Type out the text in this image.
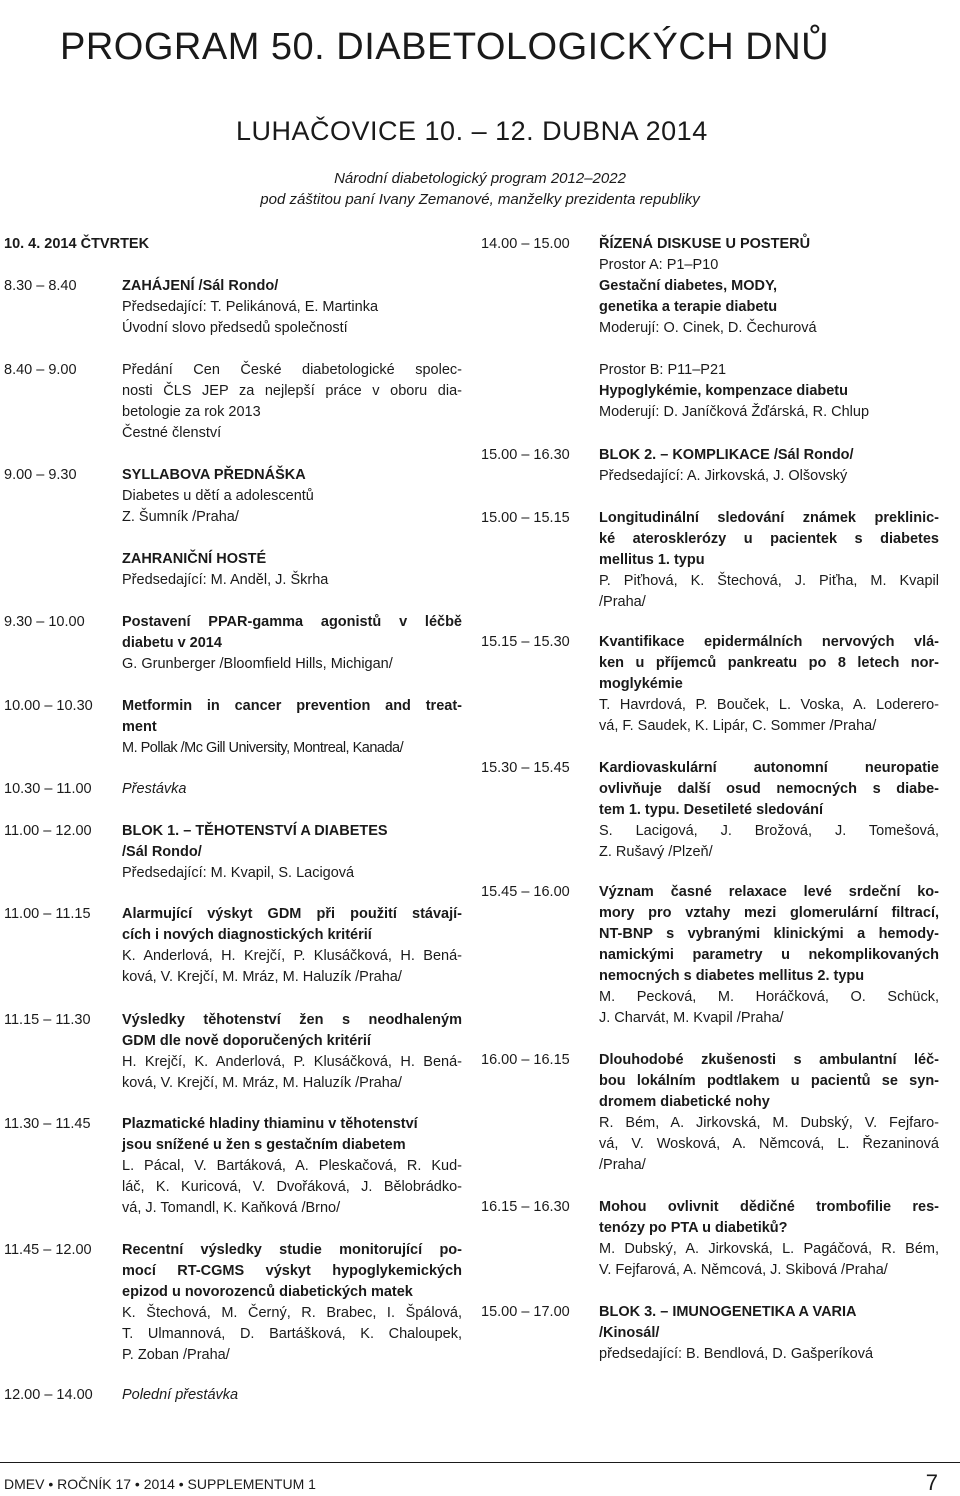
PROGRAM 50. DIABETOLOGICKÝCH DNŮ
LUHAČOVICE 10. – 12. DUBNA 2014
Národní diabetologický program 2012–2022
pod záštitou paní Ivany Zemanové, manželky prezidenta republiky
10. 4. 2014 ČTVRTEK
8.30 – 8.40	ZAHÁJENÍ /Sál Rondo/
Předsedající: T. Pelikánová, E. Martinka
Úvodní slovo předsedů společností
8.40 – 9.00	Předání Cen České diabetologické spolec-
nosti ČLS JEP za nejlepší práce v oboru dia-
betologie za rok 2013
Čestné členství
9.00 – 9.30	SYLLABOVA PŘEDNÁŠKA
Diabetes u dětí a adolescentů
Z. Šumník /Praha/
ZAHRANIČNÍ HOSTÉ
Předsedající: M. Anděl, J. Škrha
9.30 – 10.00	Postavení PPAR-gamma agonistů v léčbě
diabetu v 2014
G. Grunberger /Bloomfield Hills, Michigan/
10.00 – 10.30	Metformin in cancer prevention and treat-
ment
M. Pollak /Mc Gill University, Montreal, Kanada/
10.30 – 11.00	Přestávka
11.00 – 12.00	BLOK 1. – TĚHOTENSTVÍ A DIABETES
/Sál Rondo/
Předsedající: M. Kvapil, S. Lacigová
11.00 – 11.15	Alarmující výskyt GDM při použití stávají-
cích i nových diagnostických kritérií
K. Anderlová, H. Krejčí, P. Klusáčková, H. Bená-
ková, V. Krejčí, M. Mráz, M. Haluzík /Praha/
11.15 – 11.30	Výsledky těhotenství žen s neodhaleným
GDM dle nově doporučených kritérií
H. Krejčí, K. Anderlová, P. Klusáčková, H. Bená-
ková, V. Krejčí, M. Mráz, M. Haluzík /Praha/
11.30 – 11.45	Plazmatické hladiny thiaminu v těhotenství
jsou snížené u žen s gestačním diabetem
L. Pácal, V. Bartáková, A. Pleskačová, R. Kud-
láč, K. Kuricová, V. Dvořáková, J. Bělobrádko-
vá, J. Tomandl, K. Kaňková /Brno/
11.45 – 12.00	Recentní výsledky studie monitorující po-
mocí RT-CGMS výskyt hypoglykemických
epizod u novorozenců diabetických matek
K. Štechová, M. Černý, R. Brabec, I. Špálová,
T. Ulmannová, D. Bartášková, K. Chaloupek,
P. Zoban /Praha/
12.00 – 14.00	Polední přestávka
14.00 – 15.00	ŘÍZENÁ DISKUSE U POSTERŮ
Prostor A: P1–P10
Gestační diabetes, MODY,
genetika a terapie diabetu
Moderují: O. Cinek, D. Čechurová
Prostor B: P11–P21
Hypoglykémie, kompenzace diabetu
Moderují: D. Janíčková Žďárská, R. Chlup
15.00 – 16.30	BLOK 2. – KOMPLIKACE /Sál Rondo/
Předsedající: A. Jirkovská, J. Olšovský
15.00 – 15.15	Longitudinální sledování známek preklinic-
ké aterosklerózy u pacientek s diabetes
mellitus 1. typu
P. Piťhová, K. Štechová, J. Piťha, M. Kvapil
/Praha/
15.15 – 15.30	Kvantifikace epidermálních nervových vlá-
ken u příjemců pankreatu po 8 letech nor-
moglykémie
T. Havrdová, P. Bouček, L. Voska, A. Loderero-
vá, F. Saudek, K. Lipár, C. Sommer /Praha/
15.30 – 15.45	Kardiovaskulární autonomní neuropatie
ovlivňuje další osud nemocných s diabe-
tem 1. typu. Desetileté sledování
S. Lacigová, J. Brožová, J. Tomešová,
Z. Rušavý /Plzeň/
15.45 – 16.00	Význam časné relaxace levé srdeční ko-
mory pro vztahy mezi glomerulární filtrací,
NT-BNP s vybranými klinickými a hemody-
namickými parametry u nekomplikovaných
nemocných s diabetes mellitus 2. typu
M. Pecková, M. Horáčková, O. Schück,
J. Charvát, M. Kvapil /Praha/
16.00 – 16.15	Dlouhodobé zkušenosti s ambulantní léč-
bou lokálním podtlakem u pacientů se syn-
dromem diabetické nohy
R. Bém, A. Jirkovská, M. Dubský, V. Fejfaro-
vá, V. Wosková, A. Němcová, L. Řezaninová
/Praha/
16.15 – 16.30	Mohou ovlivnit dědičné trombofilie res-
tenózy po PTA u diabetiků?
M. Dubský, A. Jirkovská, L. Pagáčová, R. Bém,
V. Fejfarová, A. Němcová, J. Skibová /Praha/
15.00 – 17.00	BLOK 3. – IMUNOGENETIKA A VARIA
/Kinosál/
předsedající: B. Bendlová, D. Gašperíková
DMEV • ROČNÍK 17 • 2014 • SUPPLEMENTUM 1	7
